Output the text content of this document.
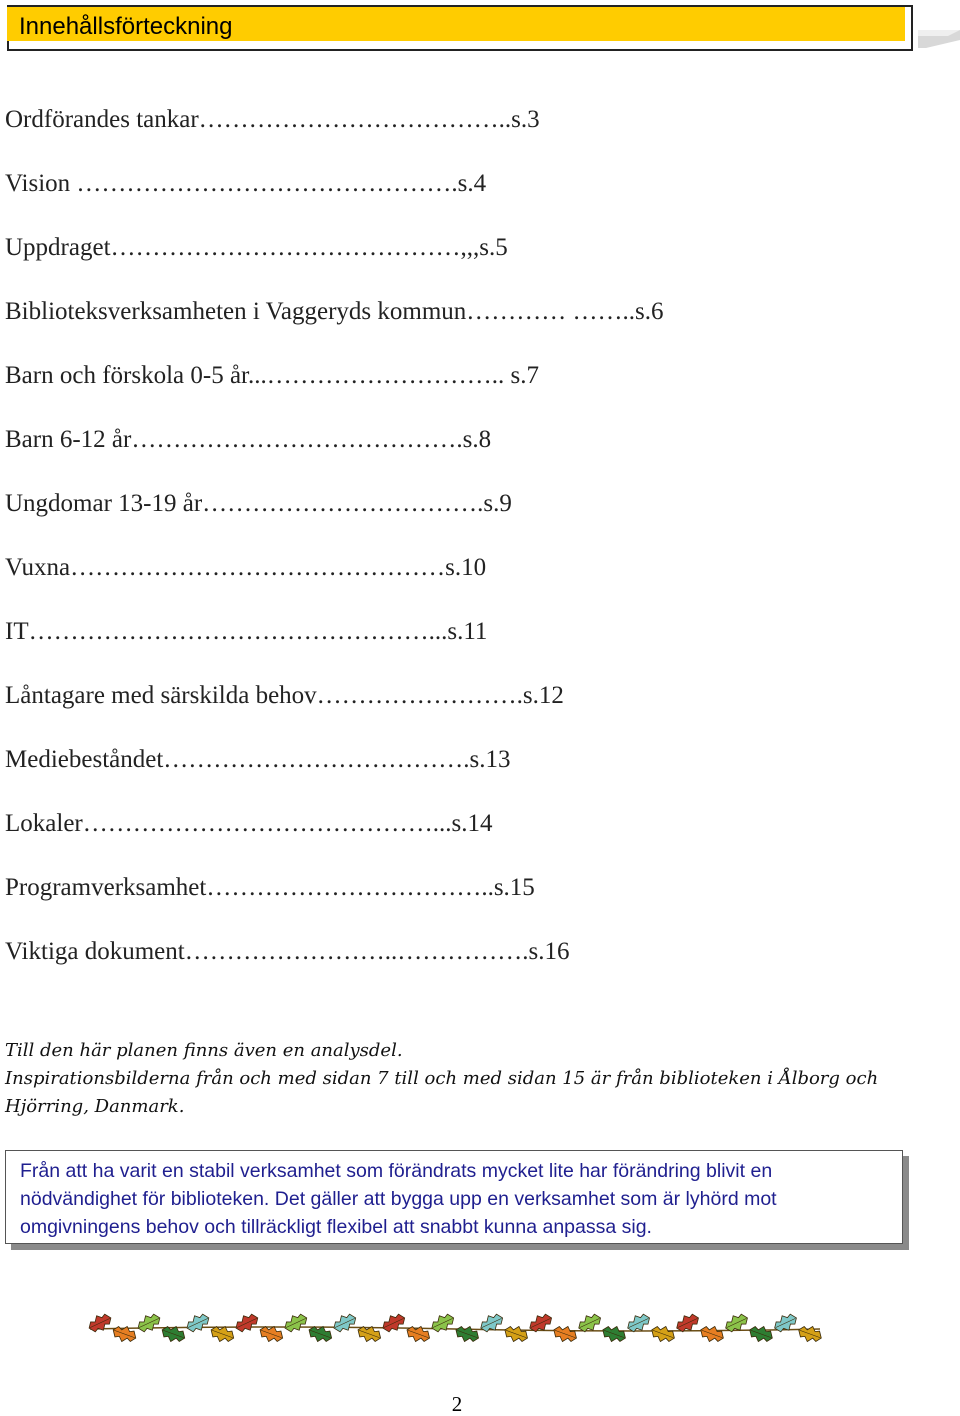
Innehållsförteckning
Ordförandes tankar………………………………..s.3
Vision ……………………………………….s.4
Uppdraget……………………………………,,,s.5
Biblioteksverksamheten i Vaggeryds kommun………… ……..s.6
Barn och förskola 0-5 år...……………………….. s.7
Barn 6-12 år………………………………….s.8
Ungdomar 13-19 år…………………………….s.9
Vuxna………………………………………s.10
IT…………………………………………...s.11
Låntagare med särskilda behov…………………….s.12
Mediebeståndet……………………………….s.13
Lokaler……………………………………...s.14
Programverksamhet……………………………..s.15
Viktiga dokument……………………..…………….s.16

Till den här planen finns även en analysdel.

Inspirationsbilderna från och med sidan 7 till och med sidan 15 är från biblioteken i Ålborg och Hjörring, Danmark.

Från att ha varit en stabil verksamhet som förändrats mycket lite har förändring blivit en nödvändighet för biblioteken. Det gäller att bygga upp en verksamhet som är lyhörd mot omgivningens behov och tillräckligt flexibel att snabbt kunna anpassa sig.
2
